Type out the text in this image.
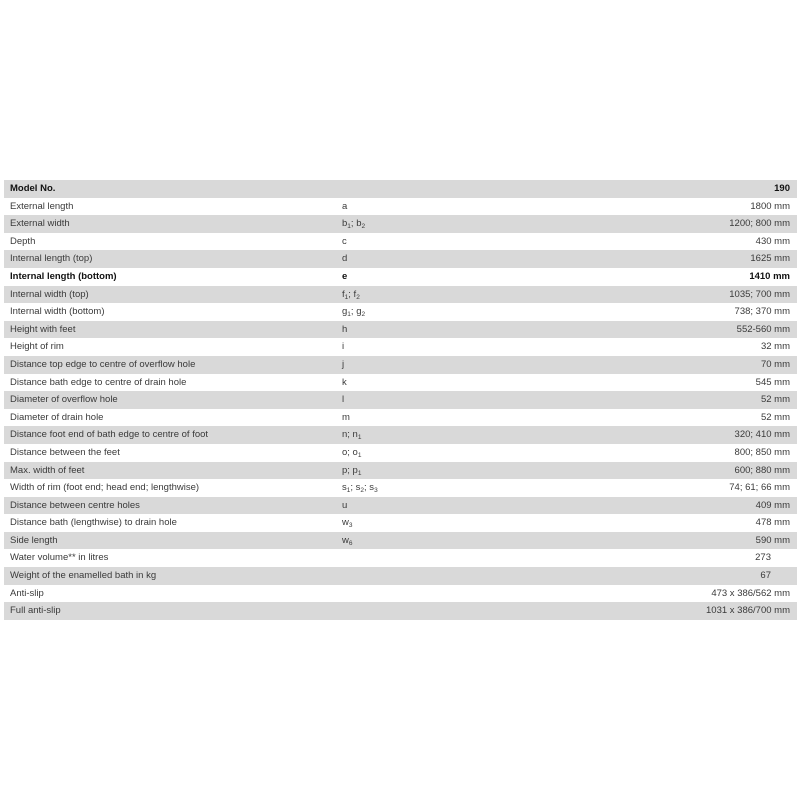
Model No.		190
External length	a	1800 mm
External width	$b_1$; $b_2$	1200; 800 mm
Depth	c	430 mm
Internal length (top)	d	1625 mm
Internal length (bottom)	e	1410 mm
Internal width (top)	$f_1$; $f_2$	1035; 700 mm
Internal width (bottom)	$g_1$; $g_2$	738; 370 mm
Height with feet	h	552-560 mm
Height of rim	i	32 mm
Distance top edge to centre of overflow hole	j	70 mm
Distance bath edge to centre of drain hole	k	545 mm
Diameter of overflow hole	l	52 mm
Diameter of drain hole	m	52 mm
Distance foot end of bath edge to centre of foot	n; $n_1$	320; 410 mm
Distance between the feet	o; $o_1$	800; 850 mm
Max. width of feet	p; $p_1$	600; 880 mm
Width of rim (foot end; head end; lengthwise)	$s_1$; $s_2$; $s_3$	74; 61; 66 mm
Distance between centre holes	u	409 mm
Distance bath (lengthwise) to drain hole	$w_3$	478 mm
Side length	$w_6$	590 mm
Water volume** in litres		273
Weight of the enamelled bath in kg		67
Anti-slip		473 x 386/562 mm
Full anti-slip		1031 x 386/700 mm
